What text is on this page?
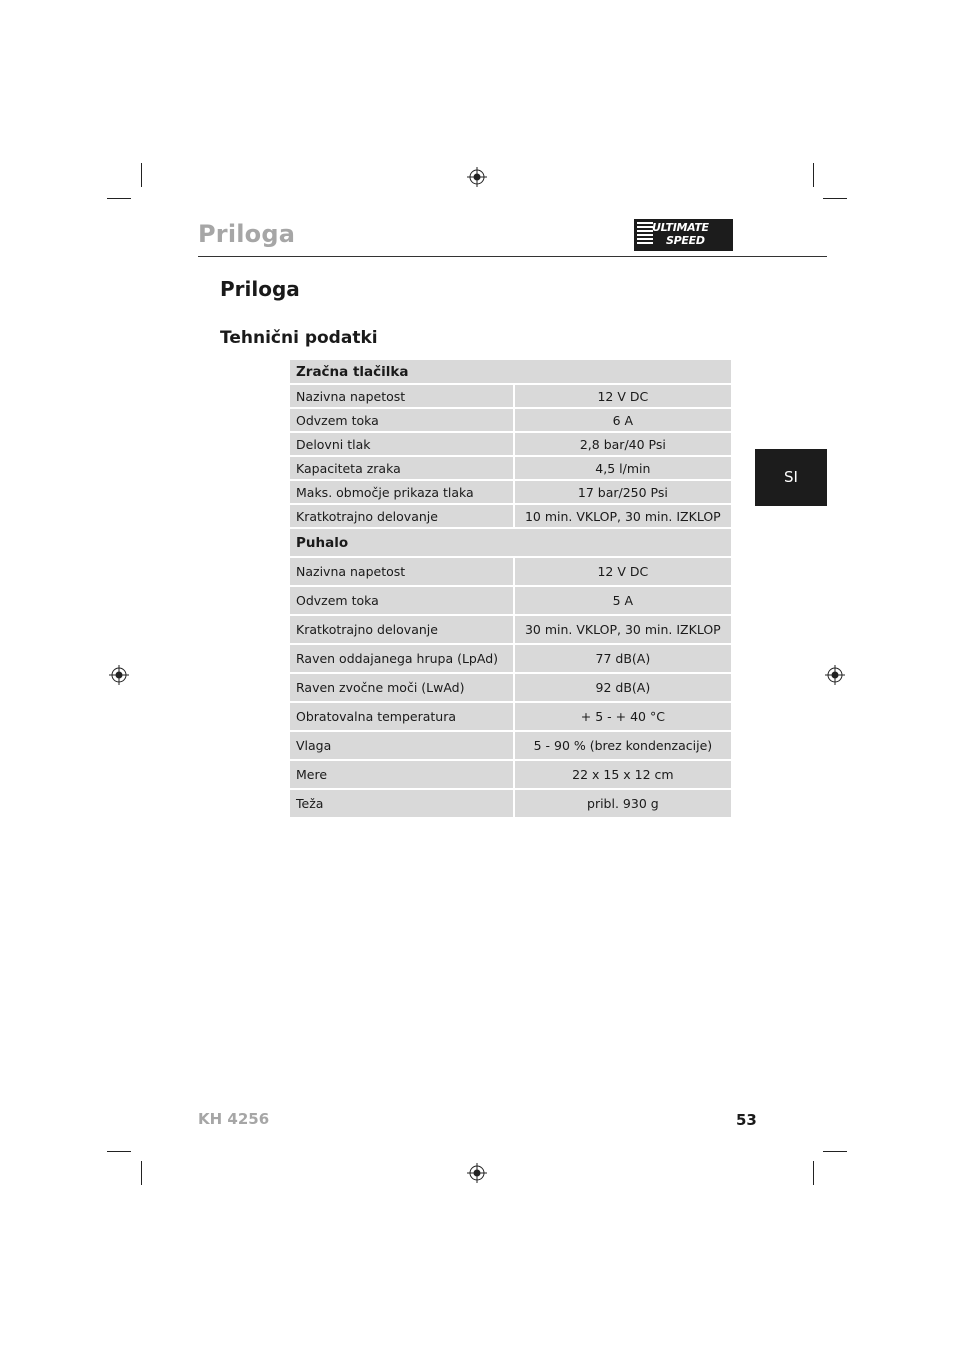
Priloga	ULTIMATE
SPEED
Priloga
Tehnični podatki
SI
Zračna tlačilka	
Nazivna napetost	12 V DC
Odvzem toka	6 A
Delovni tlak	2,8 bar/40 Psi
Kapaciteta zraka	4,5 l/min
Maks. območje prikaza tlaka	17 bar/250 Psi
Kratkotrajno delovanje	10 min. VKLOP, 30 min. IZKLOP
Puhalo	
Nazivna napetost	12 V DC
Odvzem toka	5 A
Kratkotrajno delovanje	30 min. VKLOP, 30 min. IZKLOP
Raven oddajanega hrupa (LpAd)	77 dB(A)
Raven zvočne moči (LwAd)	92 dB(A)
Obratovalna temperatura	+ 5 - + 40 °C
Vlaga	5 - 90 % (brez kondenzacije)
Mere	22 x 15 x 12 cm
Teža	pribl. 930 g
KH 4256	53
